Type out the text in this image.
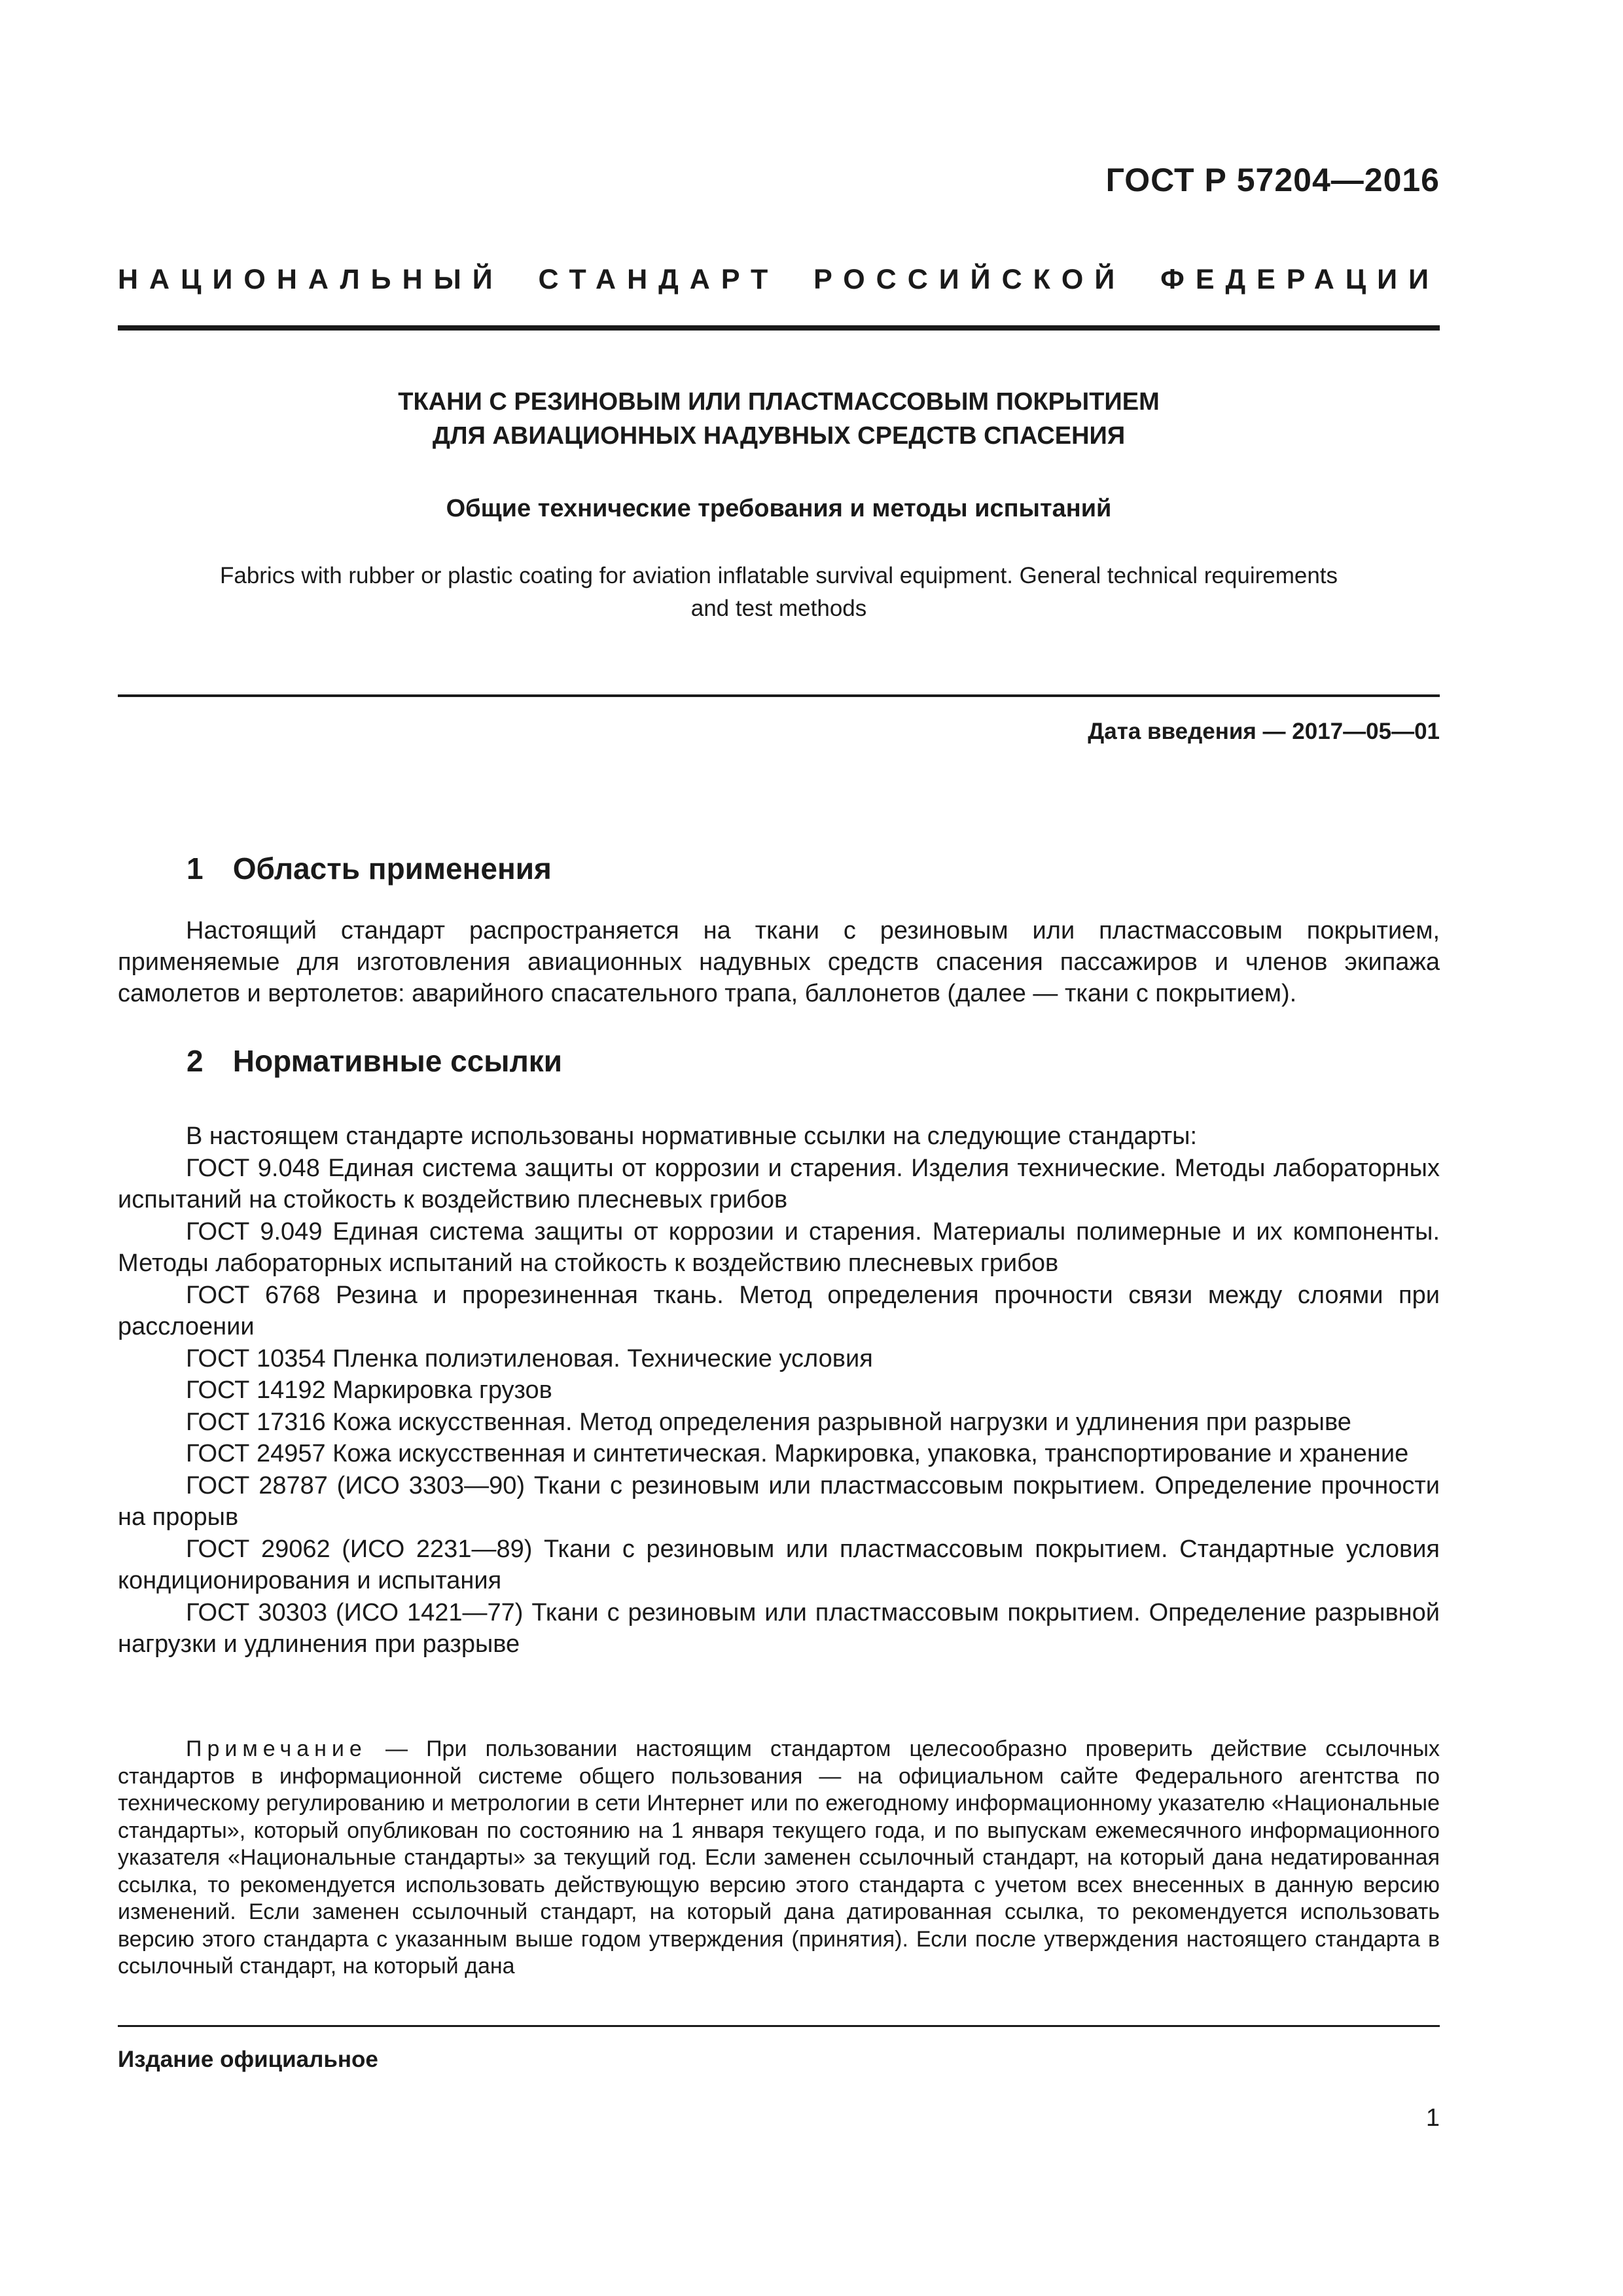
ГОСТ Р 57204—2016
НАЦИОНАЛЬНЫЙ СТАНДАРТ РОССИЙСКОЙ ФЕДЕРАЦИИ
ТКАНИ С РЕЗИНОВЫМ ИЛИ ПЛАСТМАССОВЫМ ПОКРЫТИЕМ
ДЛЯ АВИАЦИОННЫХ НАДУВНЫХ СРЕДСТВ СПАСЕНИЯ
Общие технические требования и методы испытаний
Fabrics with rubber or plastic coating for aviation inflatable survival equipment. General technical requirements
and test methods
Дата введения — 2017—05—01
1 Область применения

Настоящий стандарт распространяется на ткани с резиновым или пластмассовым покрытием, применяемые для изготовления авиационных надувных средств спасения пассажиров и членов экипажа самолетов и вертолетов: аварийного спасательного трапа, баллонетов (далее — ткани с покрытием).

2 Нормативные ссылки
В настоящем стандарте использованы нормативные ссылки на следующие стандарты:
ГОСТ 9.048 Единая система защиты от коррозии и старения. Изделия технические. Методы лабораторных испытаний на стойкость к воздействию плесневых грибов
ГОСТ 9.049 Единая система защиты от коррозии и старения. Материалы полимерные и их компоненты. Методы лабораторных испытаний на стойкость к воздействию плесневых грибов
ГОСТ 6768 Резина и прорезиненная ткань. Метод определения прочности связи между слоями при расслоении
ГОСТ 10354 Пленка полиэтиленовая. Технические условия
ГОСТ 14192 Маркировка грузов
ГОСТ 17316 Кожа искусственная. Метод определения разрывной нагрузки и удлинения при разрыве
ГОСТ 24957 Кожа искусственная и синтетическая. Маркировка, упаковка, транспортирование и хранение
ГОСТ 28787 (ИСО 3303—90) Ткани с резиновым или пластмассовым покрытием. Определение прочности на прорыв
ГОСТ 29062 (ИСО 2231—89) Ткани с резиновым или пластмассовым покрытием. Стандартные условия кондиционирования и испытания
ГОСТ 30303 (ИСО 1421—77) Ткани с резиновым или пластмассовым покрытием. Определение разрывной нагрузки и удлинения при разрыве

Примечание — При пользовании настоящим стандартом целесообразно проверить действие ссылочных стандартов в информационной системе общего пользования — на официальном сайте Федерального агентства по техническому регулированию и метрологии в сети Интернет или по ежегодному информационному указателю «Национальные стандарты», который опубликован по состоянию на 1 января текущего года, и по выпускам ежемесячного информационного указателя «Национальные стандарты» за текущий год. Если заменен ссылочный стандарт, на который дана недатированная ссылка, то рекомендуется использовать действующую версию этого стандарта с учетом всех внесенных в данную версию изменений. Если заменен ссылочный стандарт, на который дана датированная ссылка, то рекомендуется использовать версию этого стандарта с указанным выше годом утверждения (принятия). Если после утверждения настоящего стандарта в ссылочный стандарт, на который дана

Издание официальное
1
